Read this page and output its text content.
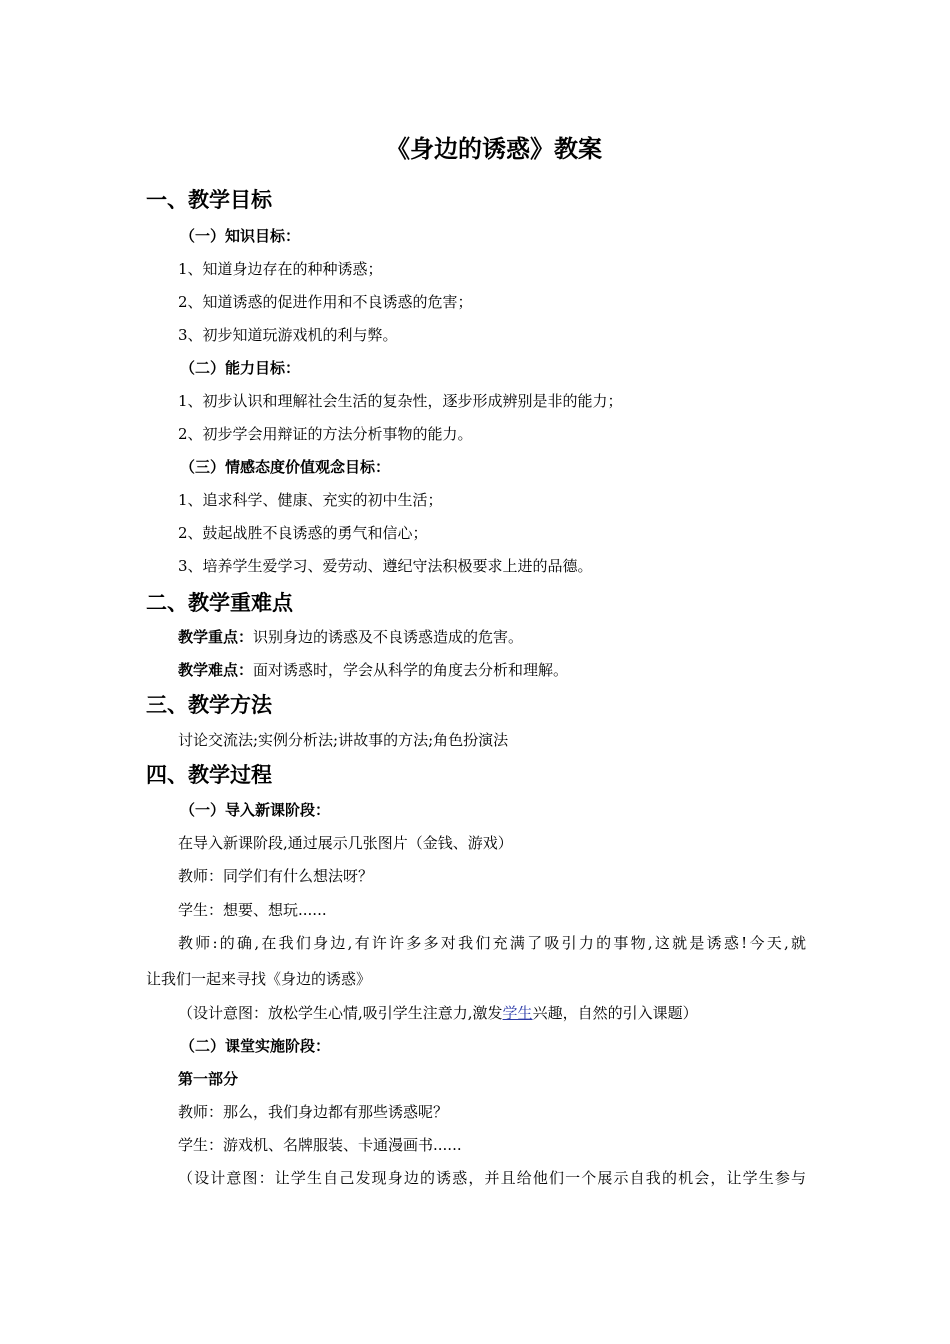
《身边的诱惑》教案
一、教学目标
（一）知识目标：
1、知道身边存在的种种诱惑；
2、知道诱惑的促进作用和不良诱惑的危害；
3、初步知道玩游戏机的利与弊。
（二）能力目标：
1、初步认识和理解社会生活的复杂性，逐步形成辨别是非的能力；
2、初步学会用辩证的方法分析事物的能力。
（三）情感态度价值观念目标：
1、追求科学、健康、充实的初中生活；
2、鼓起战胜不良诱惑的勇气和信心；
3、培养学生爱学习、爱劳动、遵纪守法积极要求上进的品德。
二、教学重难点
教学重点：识别身边的诱惑及不良诱惑造成的危害。
教学难点：面对诱惑时，学会从科学的角度去分析和理解。
三、教学方法
讨论交流法;实例分析法;讲故事的方法;角色扮演法
四、教学过程
（一）导入新课阶段：
在导入新课阶段,通过展示几张图片（金钱、游戏）
教师：同学们有什么想法呀？
学生：想要、想玩......
教师:的确,在我们身边,有许许多多对我们充满了吸引力的事物,这就是诱惑!今天,就
让我们一起来寻找《身边的诱惑》
（设计意图：放松学生心情,吸引学生注意力,激发学生兴趣，自然的引入课题）
（二）课堂实施阶段：
第一部分
教师：那么，我们身边都有那些诱惑呢？
学生：游戏机、名牌服装、卡通漫画书......
（设计意图：让学生自己发现身边的诱惑，并且给他们一个展示自我的机会，让学生参与
